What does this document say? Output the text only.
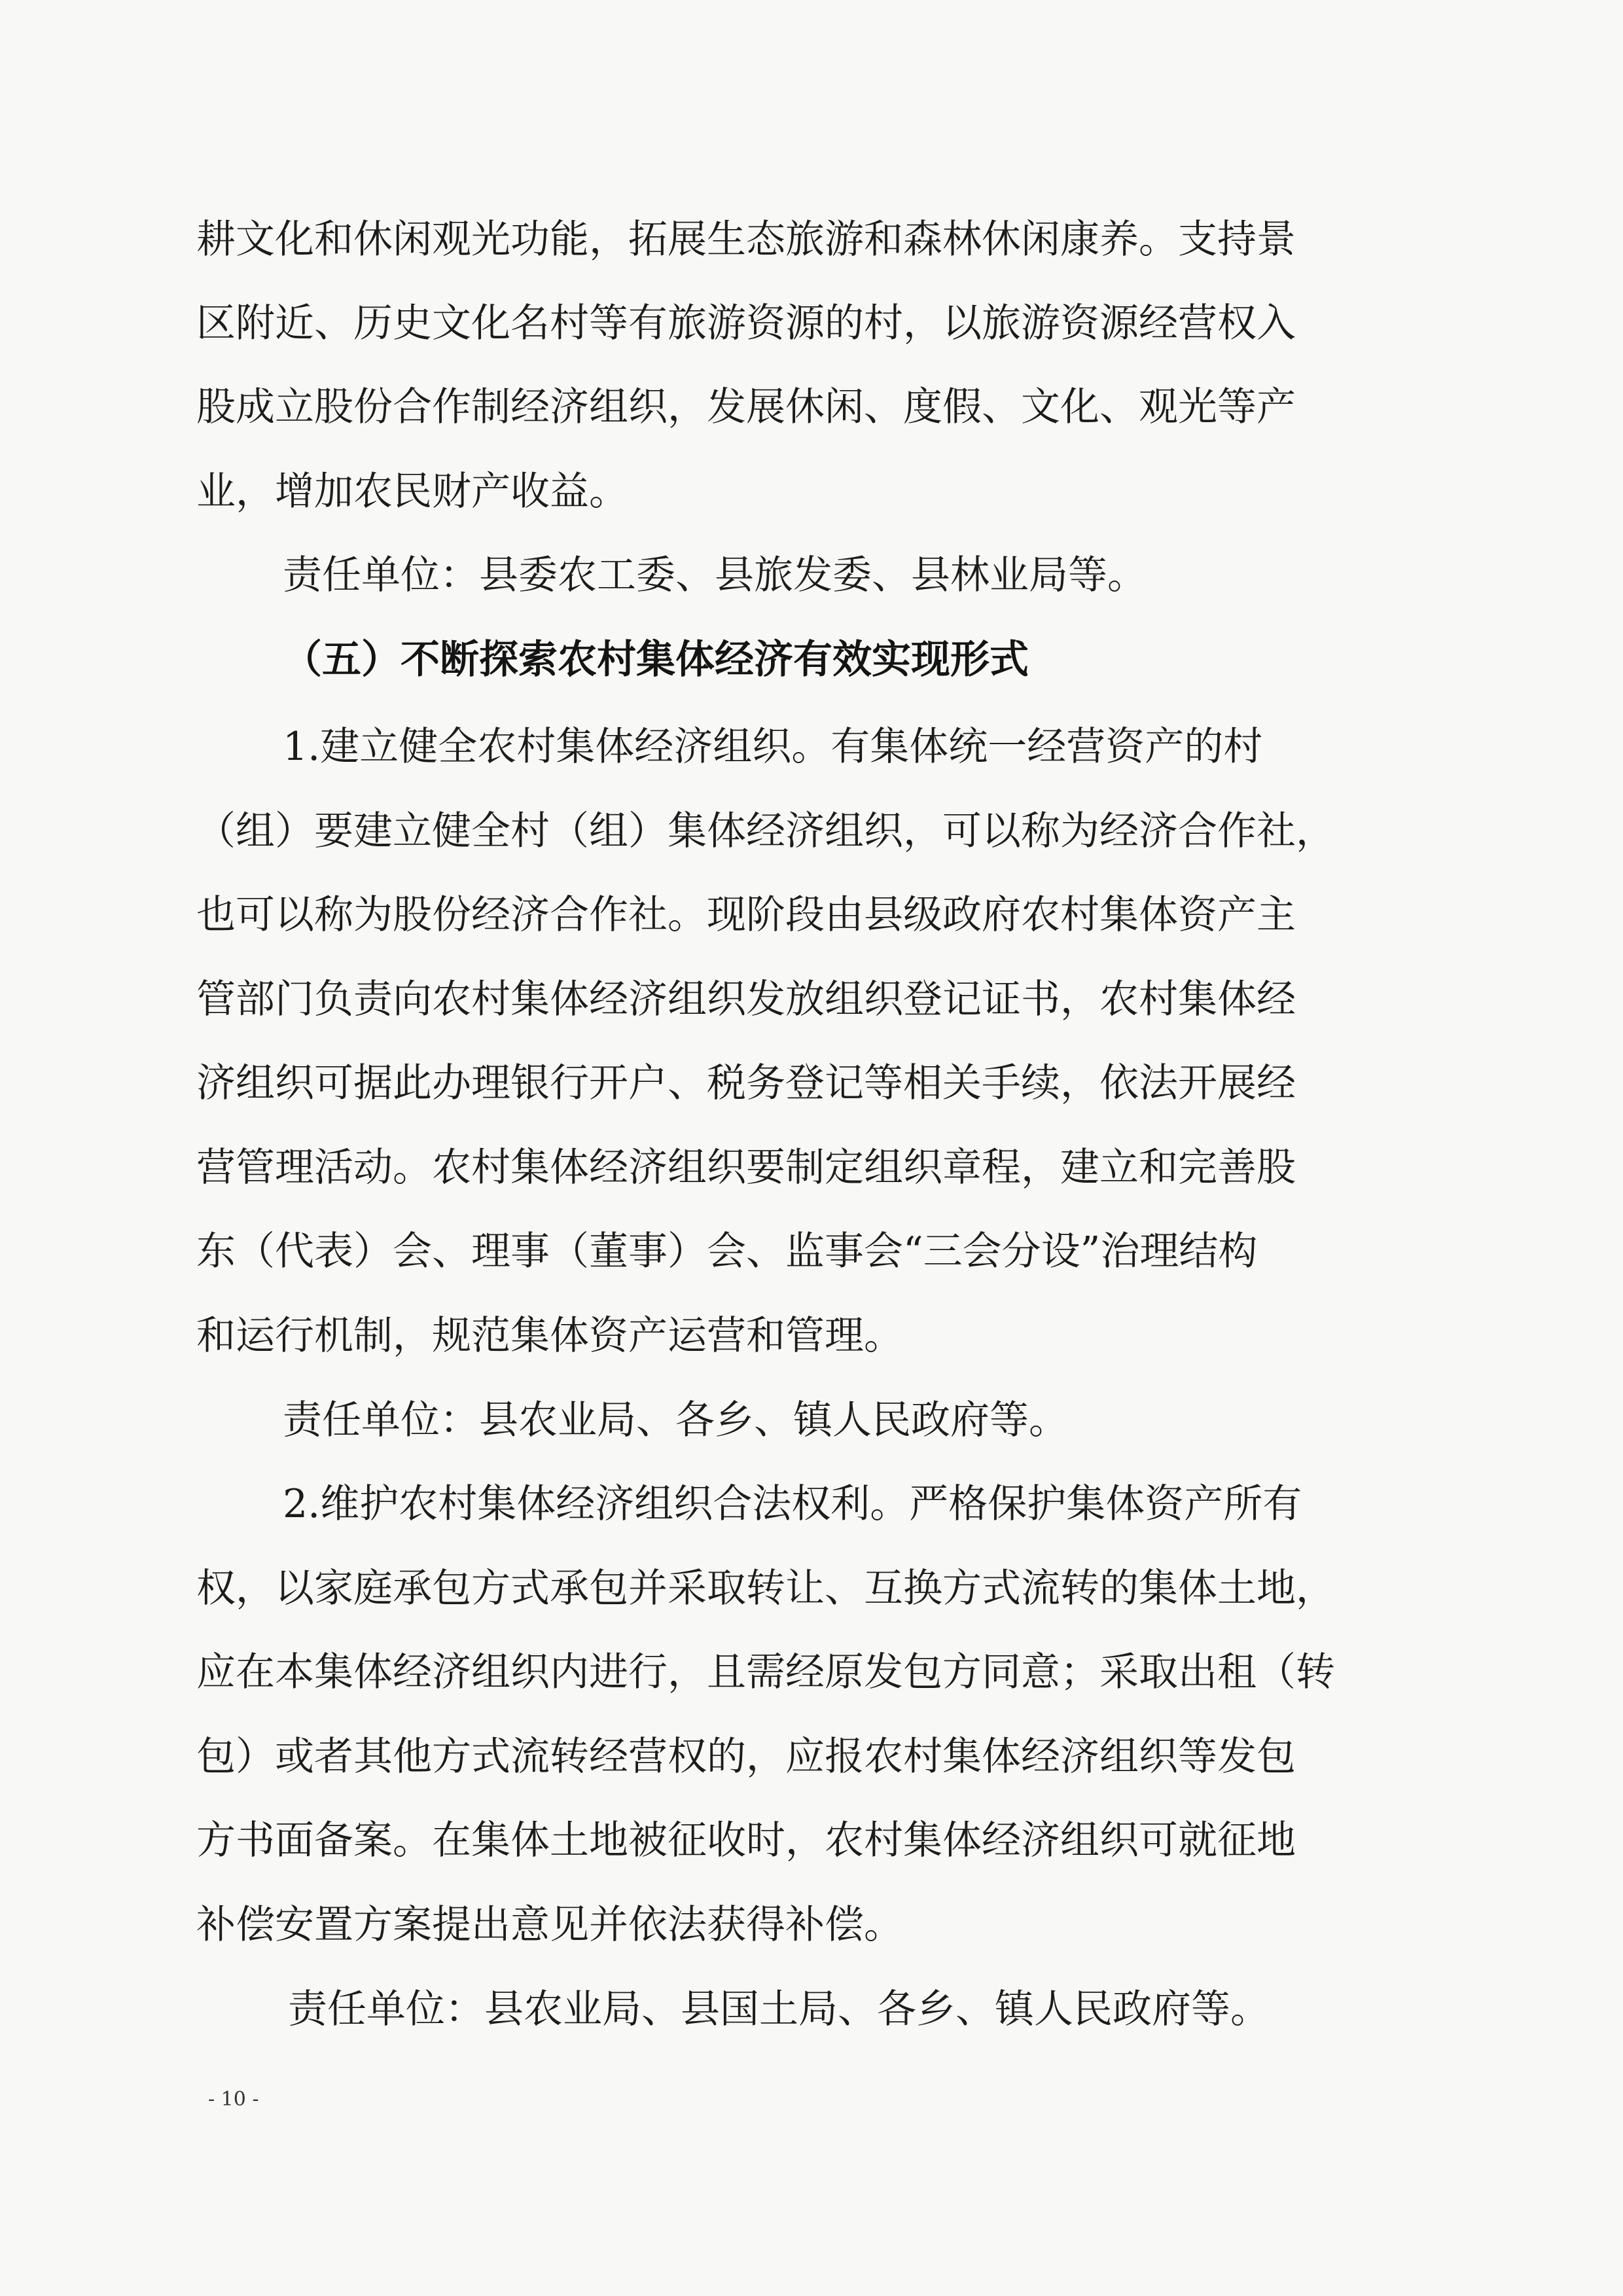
耕文化和休闲观光功能，拓展生态旅游和森林休闲康养。支持景
区附近、历史文化名村等有旅游资源的村，以旅游资源经营权入
股成立股份合作制经济组织，发展休闲、度假、文化、观光等产
业，增加农民财产收益。
责任单位：县委农工委、县旅发委、县林业局等。
（五）不断探索农村集体经济有效实现形式
1.建立健全农村集体经济组织。有集体统一经营资产的村
（组）要建立健全村（组）集体经济组织，可以称为经济合作社，
也可以称为股份经济合作社。现阶段由县级政府农村集体资产主
管部门负责向农村集体经济组织发放组织登记证书，农村集体经
济组织可据此办理银行开户、税务登记等相关手续，依法开展经
营管理活动。农村集体经济组织要制定组织章程，建立和完善股
东（代表）会、理事（董事）会、监事会“三会分设”治理结构
和运行机制，规范集体资产运营和管理。
责任单位：县农业局、各乡、镇人民政府等。
2.维护农村集体经济组织合法权利。严格保护集体资产所有
权，以家庭承包方式承包并采取转让、互换方式流转的集体土地，
应在本集体经济组织内进行，且需经原发包方同意；采取出租（转
包）或者其他方式流转经营权的，应报农村集体经济组织等发包
方书面备案。在集体土地被征收时，农村集体经济组织可就征地
补偿安置方案提出意见并依法获得补偿。
责任单位：县农业局、县国土局、各乡、镇人民政府等。
- 10 -
